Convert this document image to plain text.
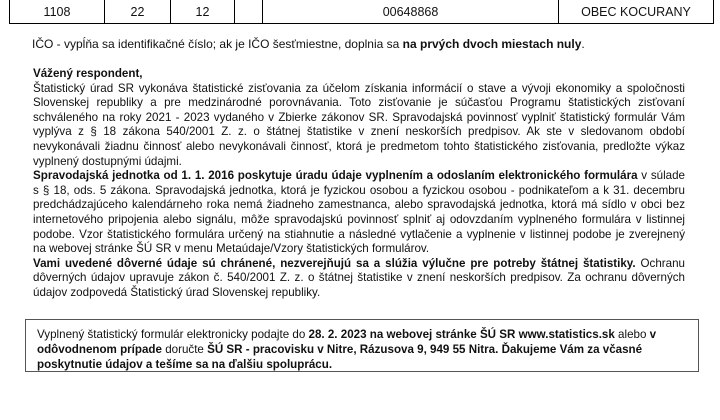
1108	22	12		00648868	OBEC KOCURANY
IČO - vypĺňa sa identifikačné číslo; ak je IČO šesťmiestne, doplnia sa na prvých dvoch miestach nuly.

Vážený respondent,

Štatistický úrad SR vykonáva štatistické zisťovania za účelom získania informácií o stave a vývoji ekonomiky a spoločnosti Slovenskej republiky a pre medzinárodné porovnávania. Toto zisťovanie je súčasťou Programu štatistických zisťovaní schváleného na roky 2021 - 2023 vydaného v Zbierke zákonov SR. Spravodajská povinnosť vyplniť štatistický formulár Vám vyplýva z § 18 zákona 540/2001 Z. z. o štátnej štatistike v znení neskorších predpisov. Ak ste v sledovanom období nevykonávali žiadnu činnosť alebo nevykonávali činnosť, ktorá je predmetom tohto štatistického zisťovania, predložte výkaz vyplnený dostupnými údajmi.

Spravodajská jednotka od 1. 1. 2016 poskytuje úradu údaje vyplnením a odoslaním elektronického formulára v súlade s § 18, ods. 5 zákona. Spravodajská jednotka, ktorá je fyzickou osobou a fyzickou osobou - podnikateľom a k 31. decembru predchádzajúceho kalendárneho roka nemá žiadneho zamestnanca, alebo spravodajská jednotka, ktorá má sídlo v obci bez internetového pripojenia alebo signálu, môže spravodajskú povinnosť splniť aj odovzdaním vyplneného formulára v listinnej podobe. Vzor štatistického formulára určený na stiahnutie a následné vytlačenie a vyplnenie v listinnej podobe je zverejnený na webovej stránke ŠÚ SR v menu Metaúdaje/Vzory štatistických formulárov.

Vami uvedené dôverné údaje sú chránené, nezverejňujú sa a slúžia výlučne pre potreby štátnej štatistiky. Ochranu dôverných údajov upravuje zákon č. 540/2001 Z. z. o štátnej štatistike v znení neskorších predpisov. Za ochranu dôverných údajov zodpovedá Štatistický úrad Slovenskej republiky.

Vyplnený štatistický formulár elektronicky podajte do 28. 2. 2023 na webovej stránke ŠÚ SR www.statistics.sk alebo v odôvodnenom prípade doručte ŠÚ SR - pracovisku v Nitre, Rázusova 9, 949 55 Nitra. Ďakujeme Vám za včasné poskytnutie údajov a tešíme sa na ďalšiu spoluprácu.
